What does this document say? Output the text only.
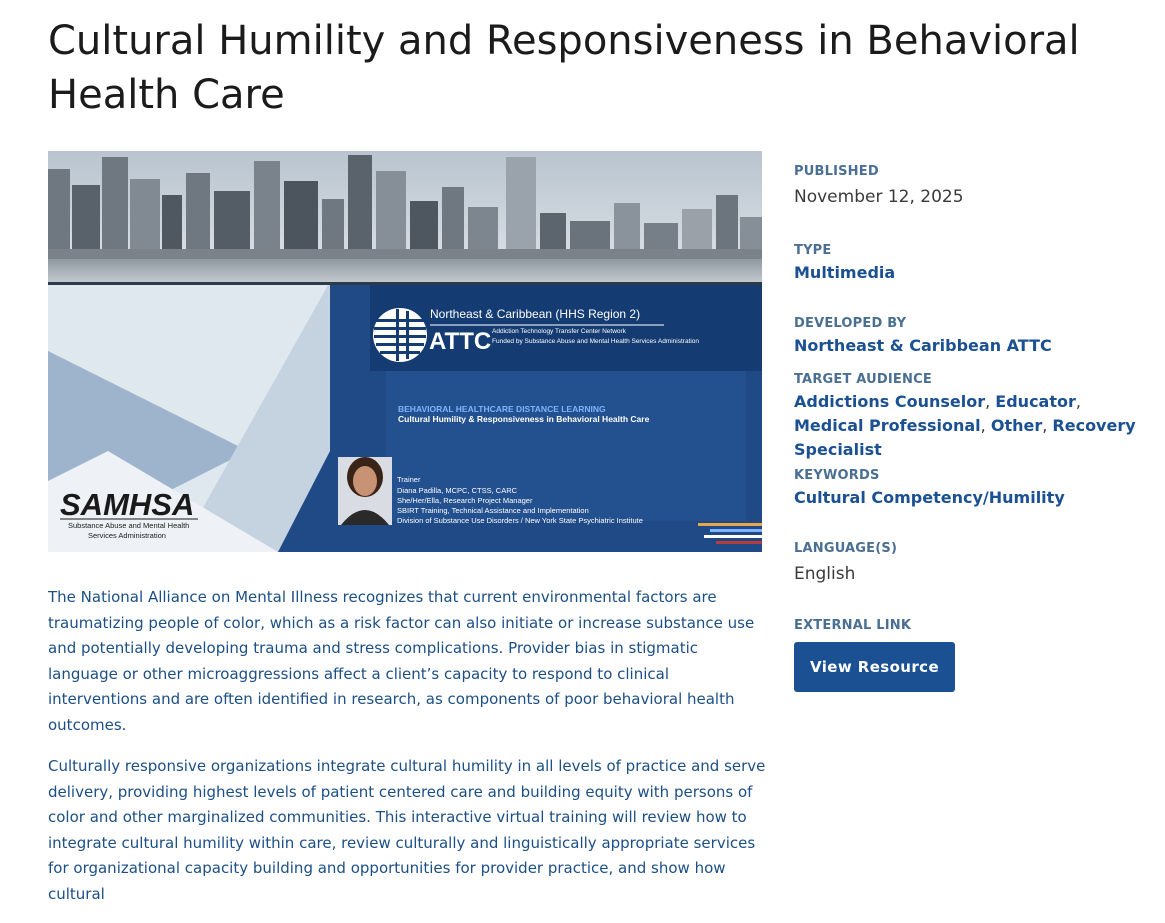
Cultural Humility and Responsiveness in Behavioral Health Care
Northeast & Caribbean (HHS Region 2)
ATTC Addiction Technology Transfer Center Network
Funded by Substance Abuse and Mental Health Services Administration
BEHAVIORAL HEALTHCARE DISTANCE LEARNING
Cultural Humility & Responsiveness in Behavioral Health Care
Trainer
Diana Padilla, MCPC, CTSS, CARC
She/Her/Ella, Research Project Manager
SBIRT Training, Technical Assistance and Implementation
Division of Substance Use Disorders / New York State Psychiatric Institute
SAMHSA
Substance Abuse and Mental Health
Services Administration

The National Alliance on Mental Illness recognizes that current environmental factors are traumatizing people of color, which as a risk factor can also initiate or increase substance use and potentially developing trauma and stress complications. Provider bias in stigmatic language or other microaggressions affect a client’s capacity to respond to clinical interventions and are often identified in research, as components of poor behavioral health outcomes.

Culturally responsive organizations integrate cultural humility in all levels of practice and serve delivery, providing highest levels of patient centered care and building equity with persons of color and other marginalized communities. This interactive virtual training will review how to integrate cultural humility within care, review culturally and linguistically appropriate services for organizational capacity building and opportunities for provider practice, and show how cultural

PUBLISHED
November 12, 2025
TYPE
Multimedia
DEVELOPED BY
Northeast & Caribbean ATTC
TARGET AUDIENCE
Addictions Counselor, Educator, Medical Professional, Other, Recovery Specialist
KEYWORDS
Cultural Competency/Humility
LANGUAGE(S)
English
EXTERNAL LINK
View Resource
